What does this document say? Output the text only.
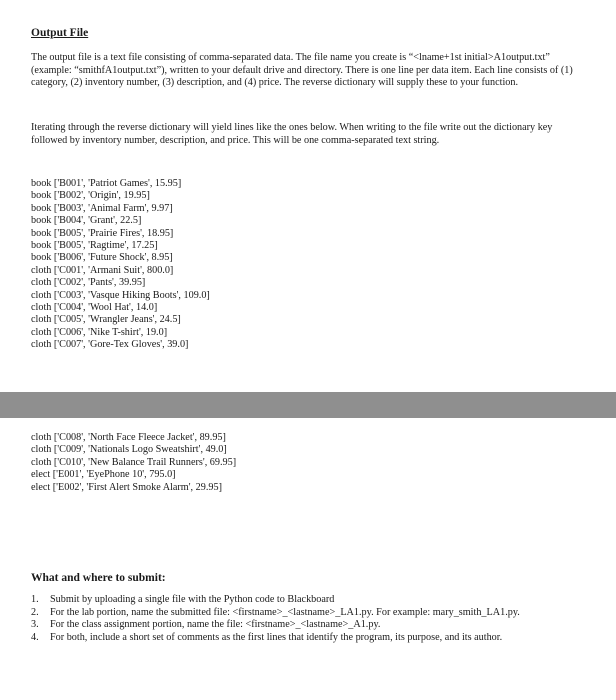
Output File

The output file is a text file consisting of comma-separated data. The file name you create is “<lname+1st initial>A1output.txt” (example: “smithfA1output.txt”), written to your default drive and directory. There is one line per data item. Each line consists of (1) category, (2) inventory number, (3) description, and (4) price. The reverse dictionary will supply these to your function.

Iterating through the reverse dictionary will yield lines like the ones below. When writing to the file write out the dictionary key followed by inventory number, description, and price. This will be one comma-separated text string.

book ['B001', 'Patriot Games', 15.95]
book ['B002', 'Origin', 19.95]
book ['B003', 'Animal Farm', 9.97]
book ['B004', 'Grant', 22.5]
book ['B005', 'Prairie Fires', 18.95]
book ['B005', 'Ragtime', 17.25]
book ['B006', 'Future Shock', 8.95]
cloth ['C001', 'Armani Suit', 800.0]
cloth ['C002', 'Pants', 39.95]
cloth ['C003', 'Vasque Hiking Boots', 109.0]
cloth ['C004', 'Wool Hat', 14.0]
cloth ['C005', 'Wrangler Jeans', 24.5]
cloth ['C006', 'Nike T-shirt', 19.0]
cloth ['C007', 'Gore-Tex Gloves', 39.0]
cloth ['C008', 'North Face Fleece Jacket', 89.95]
cloth ['C009', 'Nationals Logo Sweatshirt', 49.0]
cloth ['C010', 'New Balance Trail Runners', 69.95]
elect ['E001', 'EyePhone 10', 795.0]
elect ['E002', 'First Alert Smoke Alarm', 29.95]
What and where to submit:
1. Submit by uploading a single file with the Python code to Blackboard
2. For the lab portion, name the submitted file: <firstname>_<lastname>_LA1.py. For example: mary_smith_LA1.py.
3. For the class assignment portion, name the file: <firstname>_<lastname>_A1.py.
4. For both, include a short set of comments as the first lines that identify the program, its purpose, and its author.
